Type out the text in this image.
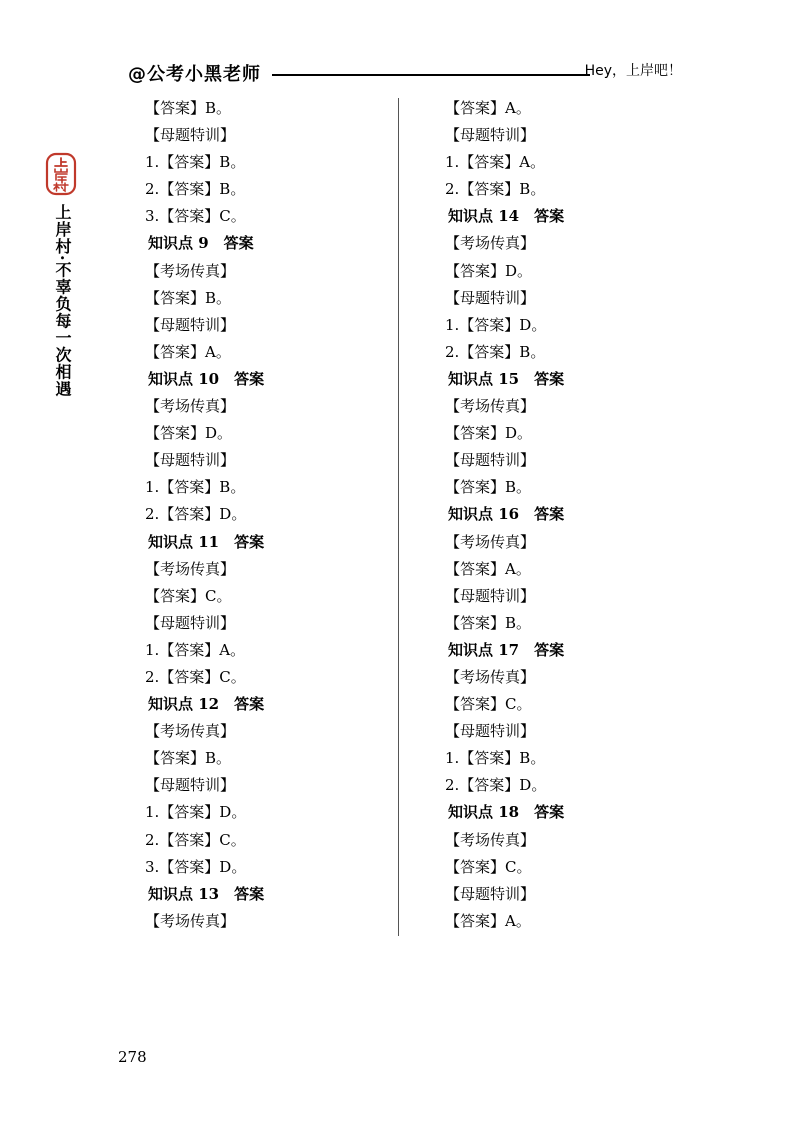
@公考小黑老师	Hey，上岸吧！
上岸村·不辜负每一次相遇
【答案】B。
【母题特训】
1.【答案】B。
2.【答案】B。
3.【答案】C。
知识点 9　答案
【考场传真】
【答案】B。
【母题特训】
【答案】A。
知识点 10　答案
【考场传真】
【答案】D。
【母题特训】
1.【答案】B。
2.【答案】D。
知识点 11　答案
【考场传真】
【答案】C。
【母题特训】
1.【答案】A。
2.【答案】C。
知识点 12　答案
【考场传真】
【答案】B。
【母题特训】
1.【答案】D。
2.【答案】C。
3.【答案】D。
知识点 13　答案
【考场传真】
【答案】A。
【母题特训】
1.【答案】A。
2.【答案】B。
知识点 14　答案
【考场传真】
【答案】D。
【母题特训】
1.【答案】D。
2.【答案】B。
知识点 15　答案
【考场传真】
【答案】D。
【母题特训】
【答案】B。
知识点 16　答案
【考场传真】
【答案】A。
【母题特训】
【答案】B。
知识点 17　答案
【考场传真】
【答案】C。
【母题特训】
1.【答案】B。
2.【答案】D。
知识点 18　答案
【考场传真】
【答案】C。
【母题特训】
【答案】A。
278
